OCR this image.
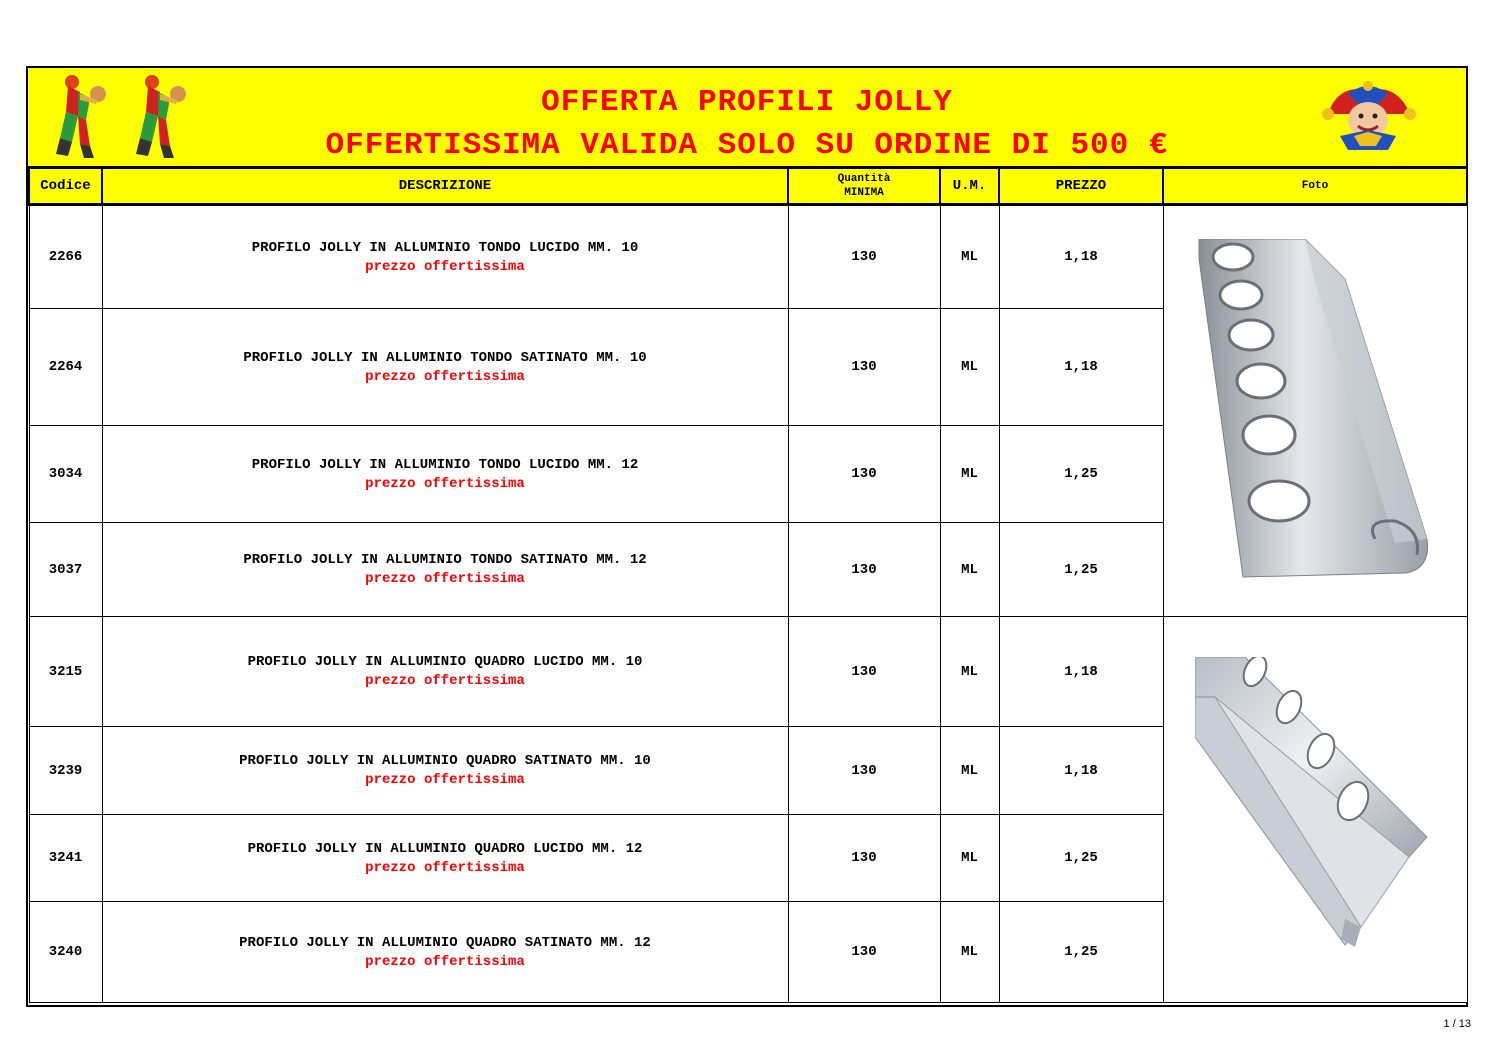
OFFERTA PROFILI JOLLY
OFFERTISSIMA VALIDA SOLO SU ORDINE DI 500 €
Codice	DESCRIZIONE	Quantità
MINIMA	U.M.	PREZZO	Foto
2266	PROFILO JOLLY IN ALLUMINIO TONDO LUCIDO MM. 10
prezzo offertissima	130	ML	1,18	
2264	PROFILO JOLLY IN ALLUMINIO TONDO SATINATO MM. 10
prezzo offertissima	130	ML	1,18	
3034	PROFILO JOLLY IN ALLUMINIO TONDO LUCIDO MM. 12
prezzo offertissima	130	ML	1,25	
3037	PROFILO JOLLY IN ALLUMINIO TONDO SATINATO MM. 12
prezzo offertissima	130	ML	1,25	
3215	PROFILO JOLLY IN ALLUMINIO QUADRO LUCIDO MM. 10
prezzo offertissima	130	ML	1,18	
3239	PROFILO JOLLY IN ALLUMINIO QUADRO SATINATO MM. 10
prezzo offertissima	130	ML	1,18	
3241	PROFILO JOLLY IN ALLUMINIO QUADRO LUCIDO MM. 12
prezzo offertissima	130	ML	1,25	
3240	PROFILO JOLLY IN ALLUMINIO QUADRO SATINATO MM. 12
prezzo offertissima	130	ML	1,25	
1 / 13
